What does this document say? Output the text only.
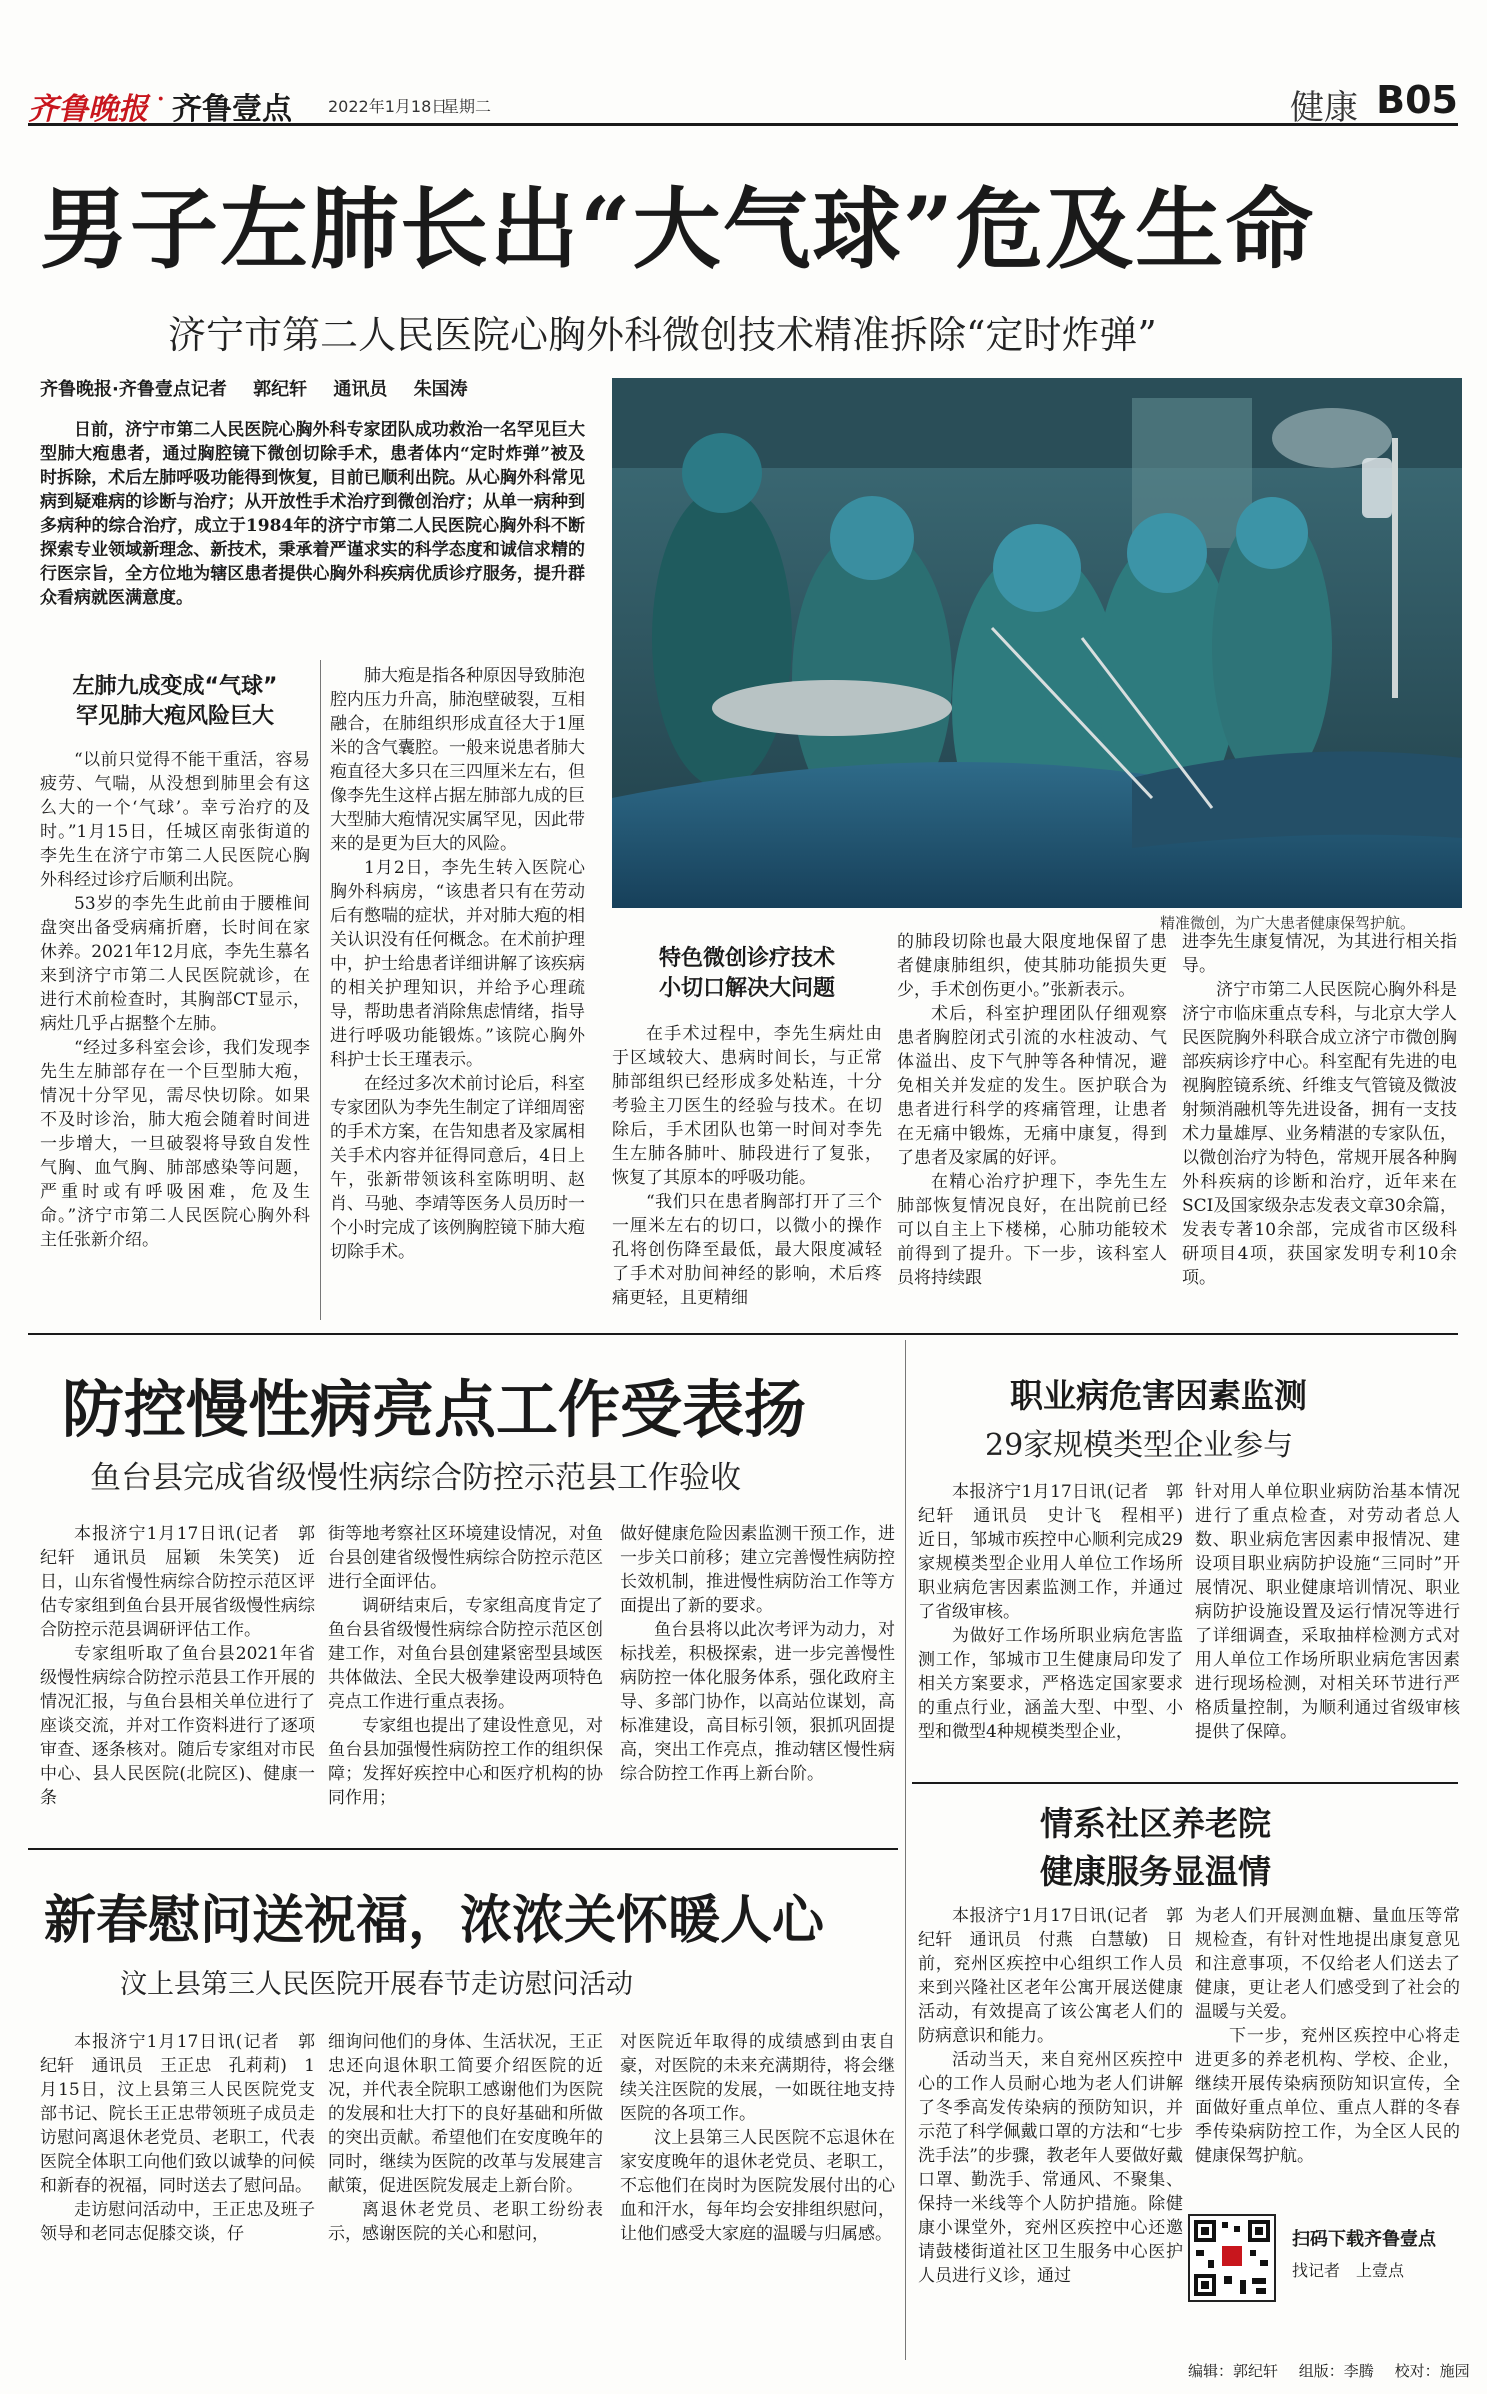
齐鲁晚报 · 齐鲁壹点 2022年1月18日
星期二	健康 B05
男子左肺长出“大气球”危及生命
济宁市第二人民医院心胸外科微创技术精准拆除“定时炸弹”
齐鲁晚报·齐鲁壹点记者 郭纪轩 通讯员 朱国涛
日前，济宁市第二人民医院心胸外科专家团队成功救治一名罕见巨大型肺大疱患者，通过胸腔镜下微创切除手术，患者体内“定时炸弹”被及时拆除，术后左肺呼吸功能得到恢复，目前已顺利出院。从心胸外科常见病到疑难病的诊断与治疗；从开放性手术治疗到微创治疗；从单一病种到多病种的综合治疗，成立于1984年的济宁市第二人民医院心胸外科不断探索专业领域新理念、新技术，秉承着严谨求实的科学态度和诚信求精的行医宗旨，全方位地为辖区患者提供心胸外科疾病优质诊疗服务，提升群众看病就医满意度。
精准微创，为广大患者健康保驾护航。
左肺九成变成“气球”
罕见肺大疱风险巨大

“以前只觉得不能干重活，容易疲劳、气喘，从没想到肺里会有这么大的一个‘气球’。幸亏治疗的及时。”1月15日，任城区南张街道的李先生在济宁市第二人民医院心胸外科经过诊疗后顺利出院。

53岁的李先生此前由于腰椎间盘突出备受病痛折磨，长时间在家休养。2021年12月底，李先生慕名来到济宁市第二人民医院就诊，在进行术前检查时，其胸部CT显示，病灶几乎占据整个左肺。

“经过多科室会诊，我们发现李先生左肺部存在一个巨型肺大疱，情况十分罕见，需尽快切除。如果不及时诊治，肺大疱会随着时间进一步增大，一旦破裂将导致自发性气胸、血气胸、肺部感染等问题，严重时或有呼吸困难，危及生命。”济宁市第二人民医院心胸外科主任张新介绍。

肺大疱是指各种原因导致肺泡腔内压力升高，肺泡壁破裂，互相融合，在肺组织形成直径大于1厘米的含气囊腔。一般来说患者肺大疱直径大多只在三四厘米左右，但像李先生这样占据左肺部九成的巨大型肺大疱情况实属罕见，因此带来的是更为巨大的风险。

1月2日，李先生转入医院心胸外科病房，“该患者只有在劳动后有憋喘的症状，并对肺大疱的相关认识没有任何概念。在术前护理中，护士给患者详细讲解了该疾病的相关护理知识，并给予心理疏导，帮助患者消除焦虑情绪，指导进行呼吸功能锻炼。”该院心胸外科护士长王瑾表示。

在经过多次术前讨论后，科室专家团队为李先生制定了详细周密的手术方案，在告知患者及家属相关手术内容并征得同意后，4日上午，张新带领该科室陈明明、赵肖、马驰、李靖等医务人员历时一个小时完成了该例胸腔镜下肺大疱切除手术。

特色微创诊疗技术
小切口解决大问题

在手术过程中，李先生病灶由于区域较大、患病时间长，与正常肺部组织已经形成多处粘连，十分考验主刀医生的经验与技术。在切除后，手术团队也第一时间对李先生左肺各肺叶、肺段进行了复张，恢复了其原本的呼吸功能。

“我们只在患者胸部打开了三个一厘米左右的切口，以微小的操作孔将创伤降至最低，最大限度减轻了手术对肋间神经的影响，术后疼痛更轻，且更精细

的肺段切除也最大限度地保留了患者健康肺组织，使其肺功能损失更少，手术创伤更小。”张新表示。

术后，科室护理团队仔细观察患者胸腔闭式引流的水柱波动、气体溢出、皮下气肿等各种情况，避免相关并发症的发生。医护联合为患者进行科学的疼痛管理，让患者在无痛中锻炼，无痛中康复，得到了患者及家属的好评。

在精心治疗护理下，李先生左肺部恢复情况良好，在出院前已经可以自主上下楼梯，心肺功能较术前得到了提升。下一步，该科室人员将持续跟

进李先生康复情况，为其进行相关指导。

济宁市第二人民医院心胸外科是济宁市临床重点专科，与北京大学人民医院胸外科联合成立济宁市微创胸部疾病诊疗中心。科室配有先进的电视胸腔镜系统、纤维支气管镜及微波射频消融机等先进设备，拥有一支技术力量雄厚、业务精湛的专家队伍，以微创治疗为特色，常规开展各种胸外科疾病的诊断和治疗，近年来在SCI及国家级杂志发表文章30余篇，发表专著10余部，完成省市区级科研项目4项，获国家发明专利10余项。

防控慢性病亮点工作受表扬
鱼台县完成省级慢性病综合防控示范县工作验收

本报济宁1月17日讯(记者　郭纪轩　通讯员　屈颖　朱笑笑)　近日，山东省慢性病综合防控示范区评估专家组到鱼台县开展省级慢性病综合防控示范县调研评估工作。

专家组听取了鱼台县2021年省级慢性病综合防控示范县工作开展的情况汇报，与鱼台县相关单位进行了座谈交流，并对工作资料进行了逐项审查、逐条核对。随后专家组对市民中心、县人民医院(北院区)、健康一条

街等地考察社区环境建设情况，对鱼台县创建省级慢性病综合防控示范区进行全面评估。

调研结束后，专家组高度肯定了鱼台县省级慢性病综合防控示范区创建工作，对鱼台县创建紧密型县域医共体做法、全民大极拳建设两项特色亮点工作进行重点表扬。

专家组也提出了建设性意见，对鱼台县加强慢性病防控工作的组织保障；发挥好疾控中心和医疗机构的协同作用；

做好健康危险因素监测干预工作，进一步关口前移；建立完善慢性病防控长效机制，推进慢性病防治工作等方面提出了新的要求。

鱼台县将以此次考评为动力，对标找差，积极探索，进一步完善慢性病防控一体化服务体系，强化政府主导、多部门协作，以高站位谋划，高标准建设，高目标引领，狠抓巩固提高，突出工作亮点，推动辖区慢性病综合防控工作再上新台阶。

职业病危害因素监测
29家规模类型企业参与

本报济宁1月17日讯(记者　郭纪轩　通讯员　史计飞　程相平)　近日，邹城市疾控中心顺利完成29家规模类型企业用人单位工作场所职业病危害因素监测工作，并通过了省级审核。

为做好工作场所职业病危害监测工作，邹城市卫生健康局印发了相关方案要求，严格选定国家要求的重点行业，涵盖大型、中型、小型和微型4种规模类型企业，

针对用人单位职业病防治基本情况进行了重点检查，对劳动者总人数、职业病危害因素申报情况、建设项目职业病防护设施“三同时”开展情况、职业健康培训情况、职业病防护设施设置及运行情况等进行了详细调查，采取抽样检测方式对用人单位工作场所职业病危害因素进行现场检测，对相关环节进行严格质量控制，为顺利通过省级审核提供了保障。

情系社区养老院
健康服务显温情

本报济宁1月17日讯(记者　郭纪轩　通讯员　付燕　白慧敏)　日前，兖州区疾控中心组织工作人员来到兴隆社区老年公寓开展送健康活动，有效提高了该公寓老人们的防病意识和能力。

活动当天，来自兖州区疾控中心的工作人员耐心地为老人们讲解了冬季高发传染病的预防知识，并示范了科学佩戴口罩的方法和“七步洗手法”的步骤，教老年人要做好戴口罩、勤洗手、常通风、不聚集、保持一米线等个人防护措施。除健康小课堂外，兖州区疾控中心还邀请鼓楼街道社区卫生服务中心医护人员进行义诊，通过

为老人们开展测血糖、量血压等常规检查，有针对性地提出康复意见和注意事项，不仅给老人们送去了健康，更让老人们感受到了社会的温暖与关爱。

下一步，兖州区疾控中心将走进更多的养老机构、学校、企业，继续开展传染病预防知识宣传，全面做好重点单位、重点人群的冬春季传染病防控工作，为全区人民的健康保驾护航。

新春慰问送祝福，浓浓关怀暖人心
汶上县第三人民医院开展春节走访慰问活动

本报济宁1月17日讯(记者　郭纪轩　通讯员　王正忠　孔莉莉)　1月15日，汶上县第三人民医院党支部书记、院长王正忠带领班子成员走访慰问离退休老党员、老职工，代表医院全体职工向他们致以诚挚的问候和新春的祝福，同时送去了慰问品。

走访慰问活动中，王正忠及班子领导和老同志促膝交谈，仔

细询问他们的身体、生活状况，王正忠还向退休职工简要介绍医院的近况，并代表全院职工感谢他们为医院的发展和壮大打下的良好基础和所做的突出贡献。希望他们在安度晚年的同时，继续为医院的改革与发展建言献策，促进医院发展走上新台阶。

离退休老党员、老职工纷纷表示，感谢医院的关心和慰问，

对医院近年取得的成绩感到由衷自豪，对医院的未来充满期待，将会继续关注医院的发展，一如既往地支持医院的各项工作。

汶上县第三人民医院不忘退休在家安度晚年的退休老党员、老职工，不忘他们在岗时为医院发展付出的心血和汗水，每年均会安排组织慰问，让他们感受大家庭的温暖与归属感。	扫码下载齐鲁壹点
找记者　上壹点
编辑：郭纪轩 组版：李腾 校对：施园
